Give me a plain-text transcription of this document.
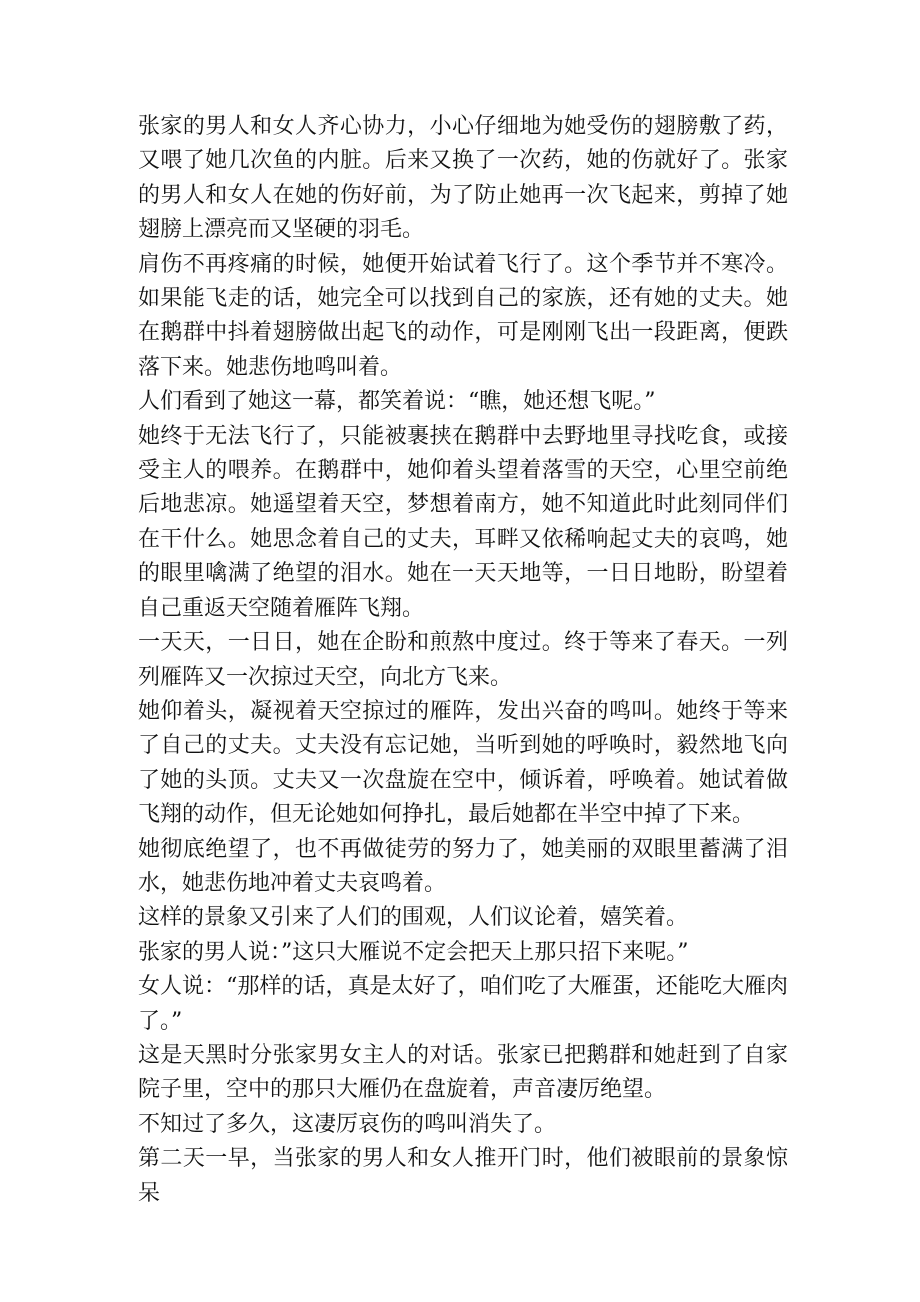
张家的男人和女人齐心协力，小心仔细地为她受伤的翅膀敷了药，又喂了她几次鱼的内脏。后来又换了一次药，她的伤就好了。张家的男人和女人在她的伤好前，为了防止她再一次飞起来，剪掉了她翅膀上漂亮而又坚硬的羽毛。

肩伤不再疼痛的时候，她便开始试着飞行了。这个季节并不寒冷。如果能飞走的话，她完全可以找到自己的家族，还有她的丈夫。她在鹅群中抖着翅膀做出起飞的动作，可是刚刚飞出一段距离，便跌落下来。她悲伤地鸣叫着。

人们看到了她这一幕，都笑着说：“瞧，她还想飞呢。”

她终于无法飞行了，只能被裹挟在鹅群中去野地里寻找吃食，或接受主人的喂养。在鹅群中，她仰着头望着落雪的天空，心里空前绝后地悲凉。她遥望着天空，梦想着南方，她不知道此时此刻同伴们在干什么。她思念着自己的丈夫，耳畔又依稀响起丈夫的哀鸣，她的眼里噙满了绝望的泪水。她在一天天地等，一日日地盼，盼望着自己重返天空随着雁阵飞翔。

一天天，一日日，她在企盼和煎熬中度过。终于等来了春天。一列列雁阵又一次掠过天空，向北方飞来。

她仰着头，凝视着天空掠过的雁阵，发出兴奋的鸣叫。她终于等来了自己的丈夫。丈夫没有忘记她，当听到她的呼唤时，毅然地飞向了她的头顶。丈夫又一次盘旋在空中，倾诉着，呼唤着。她试着做飞翔的动作，但无论她如何挣扎，最后她都在半空中掉了下来。

她彻底绝望了，也不再做徒劳的努力了，她美丽的双眼里蓄满了泪水，她悲伤地冲着丈夫哀鸣着。

这样的景象又引来了人们的围观，人们议论着，嬉笑着。

张家的男人说：”这只大雁说不定会把天上那只招下来呢。”

女人说：“那样的话，真是太好了，咱们吃了大雁蛋，还能吃大雁肉了。”

这是天黑时分张家男女主人的对话。张家已把鹅群和她赶到了自家院子里，空中的那只大雁仍在盘旋着，声音凄厉绝望。

不知过了多久，这凄厉哀伤的鸣叫消失了。

第二天一早，当张家的男人和女人推开门时，他们被眼前的景象惊呆
